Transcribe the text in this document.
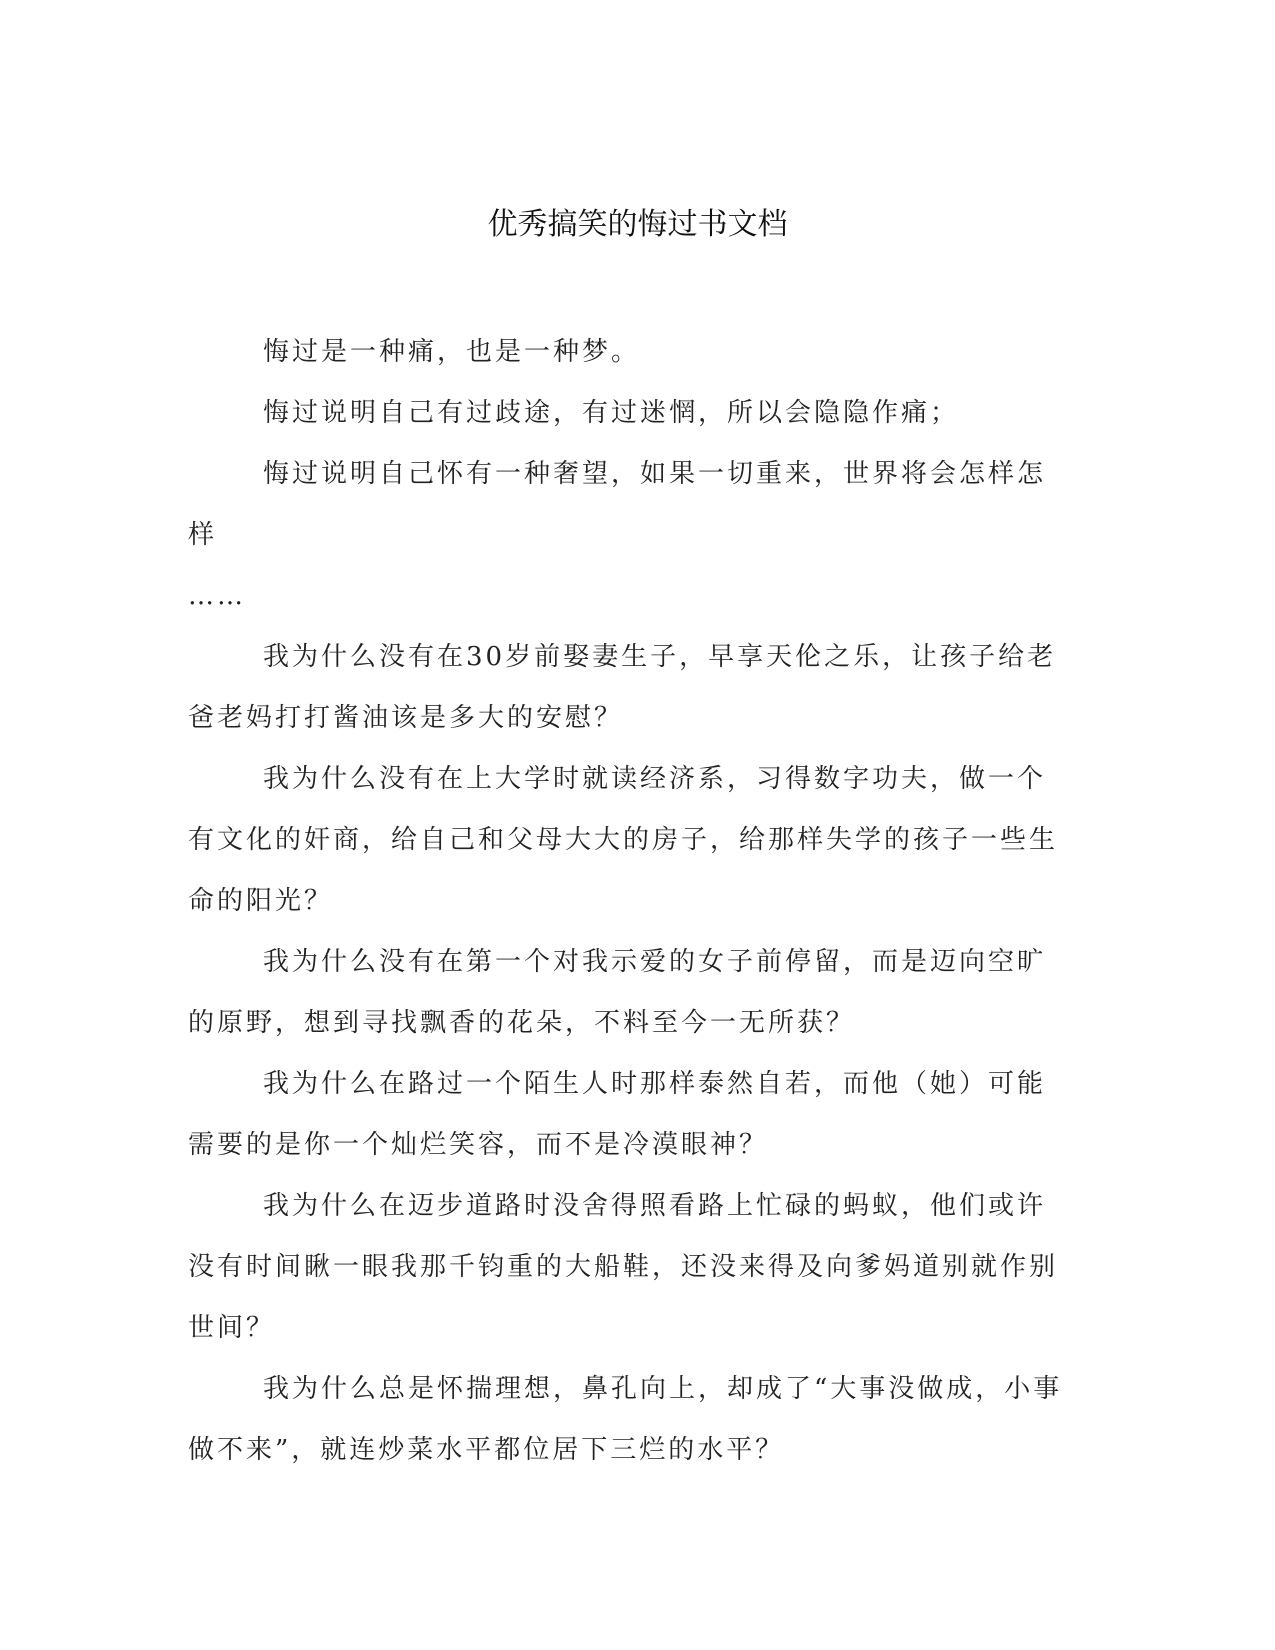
优秀搞笑的悔过书文档

悔过是一种痛，也是一种梦。

悔过说明自己有过歧途，有过迷惘，所以会隐隐作痛；

悔过说明自己怀有一种奢望，如果一切重来，世界将会怎样怎样

……

我为什么没有在30岁前娶妻生子，早享天伦之乐，让孩子给老爸老妈打打酱油该是多大的安慰？

我为什么没有在上大学时就读经济系，习得数字功夫，做一个有文化的奸商，给自己和父母大大的房子，给那样失学的孩子一些生命的阳光？

我为什么没有在第一个对我示爱的女子前停留，而是迈向空旷的原野，想到寻找飘香的花朵，不料至今一无所获？

我为什么在路过一个陌生人时那样泰然自若，而他（她）可能需要的是你一个灿烂笑容，而不是冷漠眼神？

我为什么在迈步道路时没舍得照看路上忙碌的蚂蚁，他们或许没有时间瞅一眼我那千钧重的大船鞋，还没来得及向爹妈道别就作别世间？

我为什么总是怀揣理想，鼻孔向上，却成了“大事没做成，小事做不来”，就连炒菜水平都位居下三烂的水平？
